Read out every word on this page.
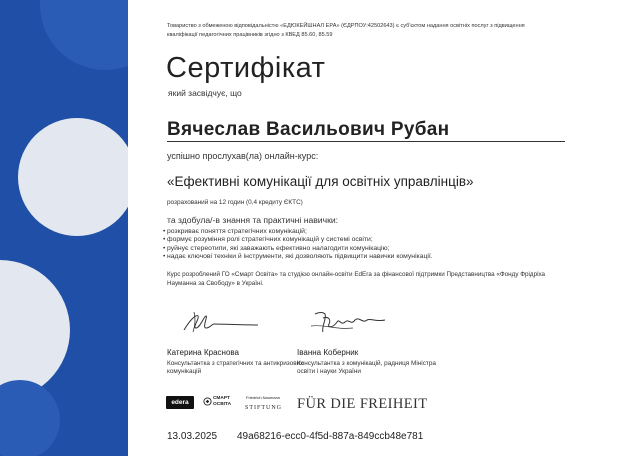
Товариство з обмеженою відповідальністю «ЕДЮКЕЙШНАЛ ЕРА» (ЄДРПОУ:42502643) є суб'єктом надання освітніх послуг з підвищення кваліфікації педагогічних працівників згідно з КВЕД 85.60, 85.59
Сертифікат
який засвідчує, що
Вячеслав Васильович Рубан
успішно прослухав(ла) онлайн-курс:
«Ефективні комунікації для освітніх управлінців»
розрахований на 12 годин (0,4 кредиту ЄКТС)
та здобула/-в знання та практичні навички:
• розкриває поняття стратегічних комунікацій;
• формує розуміння ролі стратегічних комунікацій у системі освіти;
• руйнує стереотипи, які заважають ефективно налагодити комунікацію;
• надає ключові техніки й інструменти, які дозволяють підвищити навички комунікації.
Курс розроблений ГО «Смарт Освіта» та студією онлайн-освіти EdEra за фінансової підтримки Представництва «Фонду Фрідріха Науманна за Свободу» в Україні.
Катерина Краснова
Консультантка з стратегічних та антикризових комунікацій
Іванна Коберник
Консультантка з комунікацій, радниця Міністра освіти і науки України
edera
СМАРТ
ОСВІТА
Friedrich Naumann
STIFTUNG FÜR DIE FREIHEIT
13.03.2025 49a68216-ecc0-4f5d-887a-849ccb48e781
